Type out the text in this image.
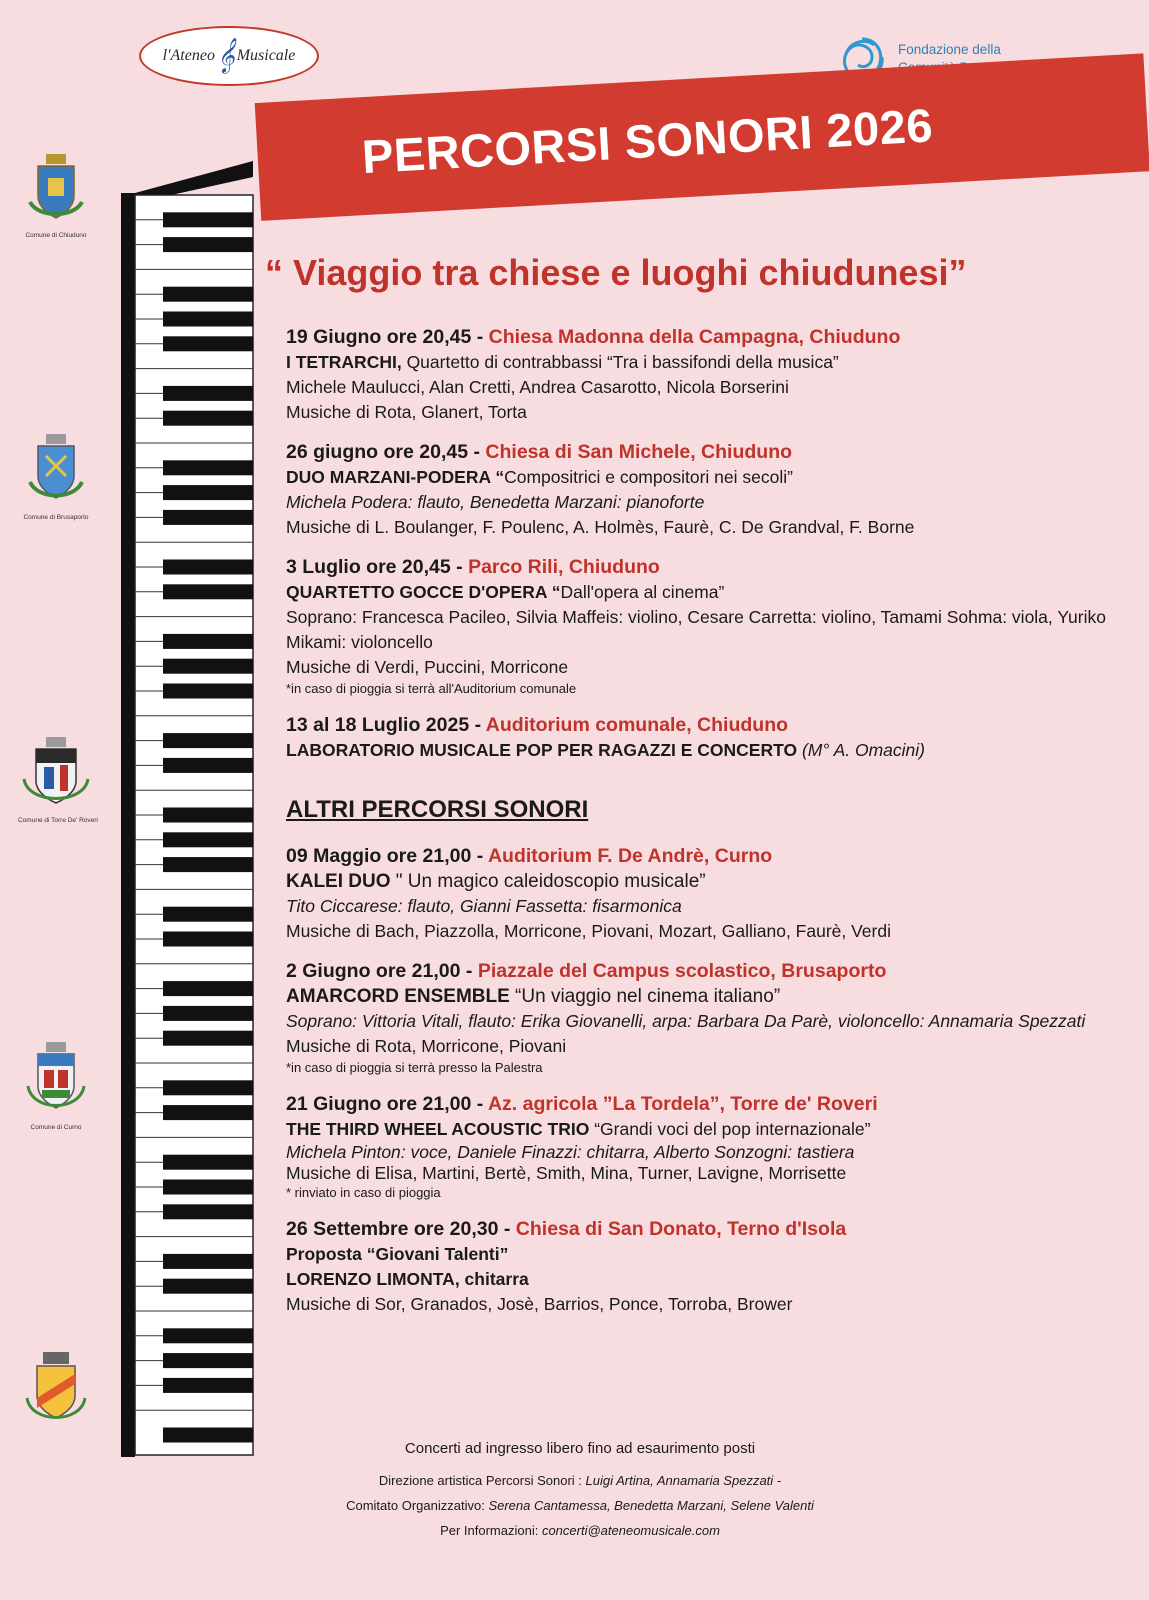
l'Ateneo 𝄞 Musicale	Fondazione della
PERCORSI SONORI 2026
“ Viaggio tra chiese e luoghi chiudunesi”
Comune di Chiuduno
Comune di Brusaporto
Comune di Torre De' Roveri
Comune di Curno
19 Giugno ore 20,45 - Chiesa Madonna della Campagna, Chiuduno
I TETRARCHI, Quartetto di contrabbassi “Tra i bassifondi della musica”
Michele Maulucci, Alan Cretti, Andrea Casarotto, Nicola Borserini
Musiche di Rota, Glanert, Torta
26 giugno ore 20,45 - Chiesa di San Michele, Chiuduno
DUO MARZANI-PODERA “Compositrici e compositori nei secoli”
Michela Podera: flauto, Benedetta Marzani: pianoforte
Musiche di L. Boulanger, F. Poulenc, A. Holmès, Faurè, C. De Grandval, F. Borne
3 Luglio ore 20,45 - Parco Rili, Chiuduno
QUARTETTO GOCCE D'OPERA “Dall'opera al cinema”
Soprano: Francesca Pacileo, Silvia Maffeis: violino, Cesare Carretta: violino, Tamami Sohma: viola, Yuriko Mikami: violoncello
Musiche di Verdi, Puccini, Morricone
*in caso di pioggia si terrà all'Auditorium comunale
13 al 18 Luglio 2025 - Auditorium comunale, Chiuduno
LABORATORIO MUSICALE POP PER RAGAZZI E CONCERTO (M° A. Omacini)
ALTRI PERCORSI SONORI
09 Maggio ore 21,00 - Auditorium F. De Andrè, Curno
KALEI DUO " Un magico caleidoscopio musicale”
Tito Ciccarese: flauto, Gianni Fassetta: fisarmonica
Musiche di Bach, Piazzolla, Morricone, Piovani, Mozart, Galliano, Faurè, Verdi
2 Giugno ore 21,00 - Piazzale del Campus scolastico, Brusaporto
AMARCORD ENSEMBLE “Un viaggio nel cinema italiano”
Soprano: Vittoria Vitali, flauto: Erika Giovanelli, arpa: Barbara Da Parè, violoncello: Annamaria Spezzati
Musiche di Rota, Morricone, Piovani
*in caso di pioggia si terrà presso la Palestra
21 Giugno ore 21,00 - Az. agricola ”La Tordela”, Torre de' Roveri
THE THIRD WHEEL ACOUSTIC TRIO “Grandi voci del pop internazionale”
Michela Pinton: voce, Daniele Finazzi: chitarra, Alberto Sonzogni: tastiera
Musiche di Elisa, Martini, Bertè, Smith, Mina, Turner, Lavigne, Morrisette
* rinviato in caso di pioggia
26 Settembre ore 20,30 - Chiesa di San Donato, Terno d'Isola
Proposta “Giovani Talenti”
LORENZO LIMONTA, chitarra
Musiche di Sor, Granados, Josè, Barrios, Ponce, Torroba, Brower
Concerti ad ingresso libero fino ad esaurimento posti
Direzione artistica Percorsi Sonori : Luigi Artina, Annamaria Spezzati -
Comitato Organizzativo: Serena Cantamessa, Benedetta Marzani, Selene Valenti
Per Informazioni: concerti@ateneomusicale.com
